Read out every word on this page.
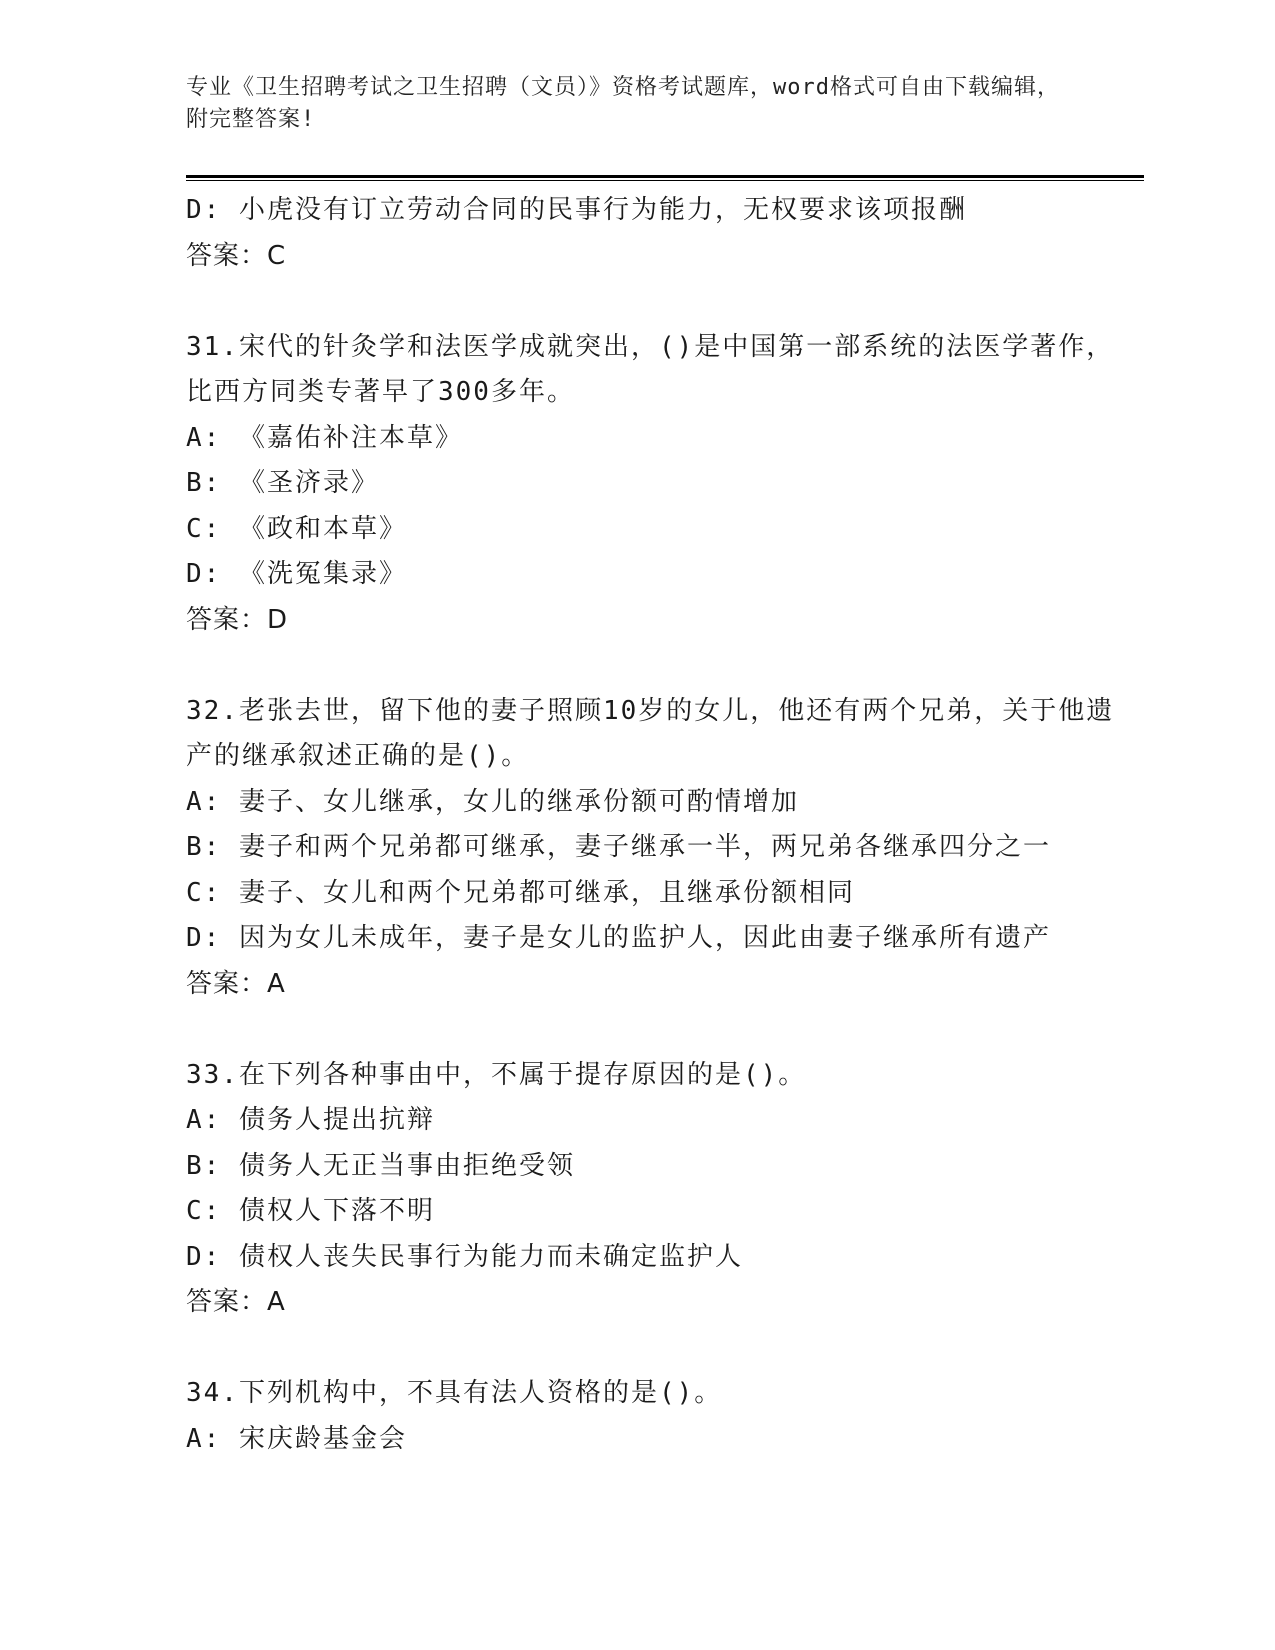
专业《卫生招聘考试之卫生招聘（文员）》资格考试题库，word格式可自由下载编辑，附完整答案!
D: 小虎没有订立劳动合同的民事行为能力，无权要求该项报酬
答案：C
31.宋代的针灸学和法医学成就突出，()是中国第一部系统的法医学著作，比西方同类专著早了300多年。
A: 《嘉佑补注本草》
B: 《圣济录》
C: 《政和本草》
D: 《洗冤集录》
答案：D
32.老张去世，留下他的妻子照顾10岁的女儿，他还有两个兄弟，关于他遗产的继承叙述正确的是()。
A: 妻子、女儿继承，女儿的继承份额可酌情增加
B: 妻子和两个兄弟都可继承，妻子继承一半，两兄弟各继承四分之一
C: 妻子、女儿和两个兄弟都可继承，且继承份额相同
D: 因为女儿未成年，妻子是女儿的监护人，因此由妻子继承所有遗产
答案：A
33.在下列各种事由中，不属于提存原因的是()。
A: 债务人提出抗辩
B: 债务人无正当事由拒绝受领
C: 债权人下落不明
D: 债权人丧失民事行为能力而未确定监护人
答案：A
34.下列机构中，不具有法人资格的是()。
A: 宋庆龄基金会
